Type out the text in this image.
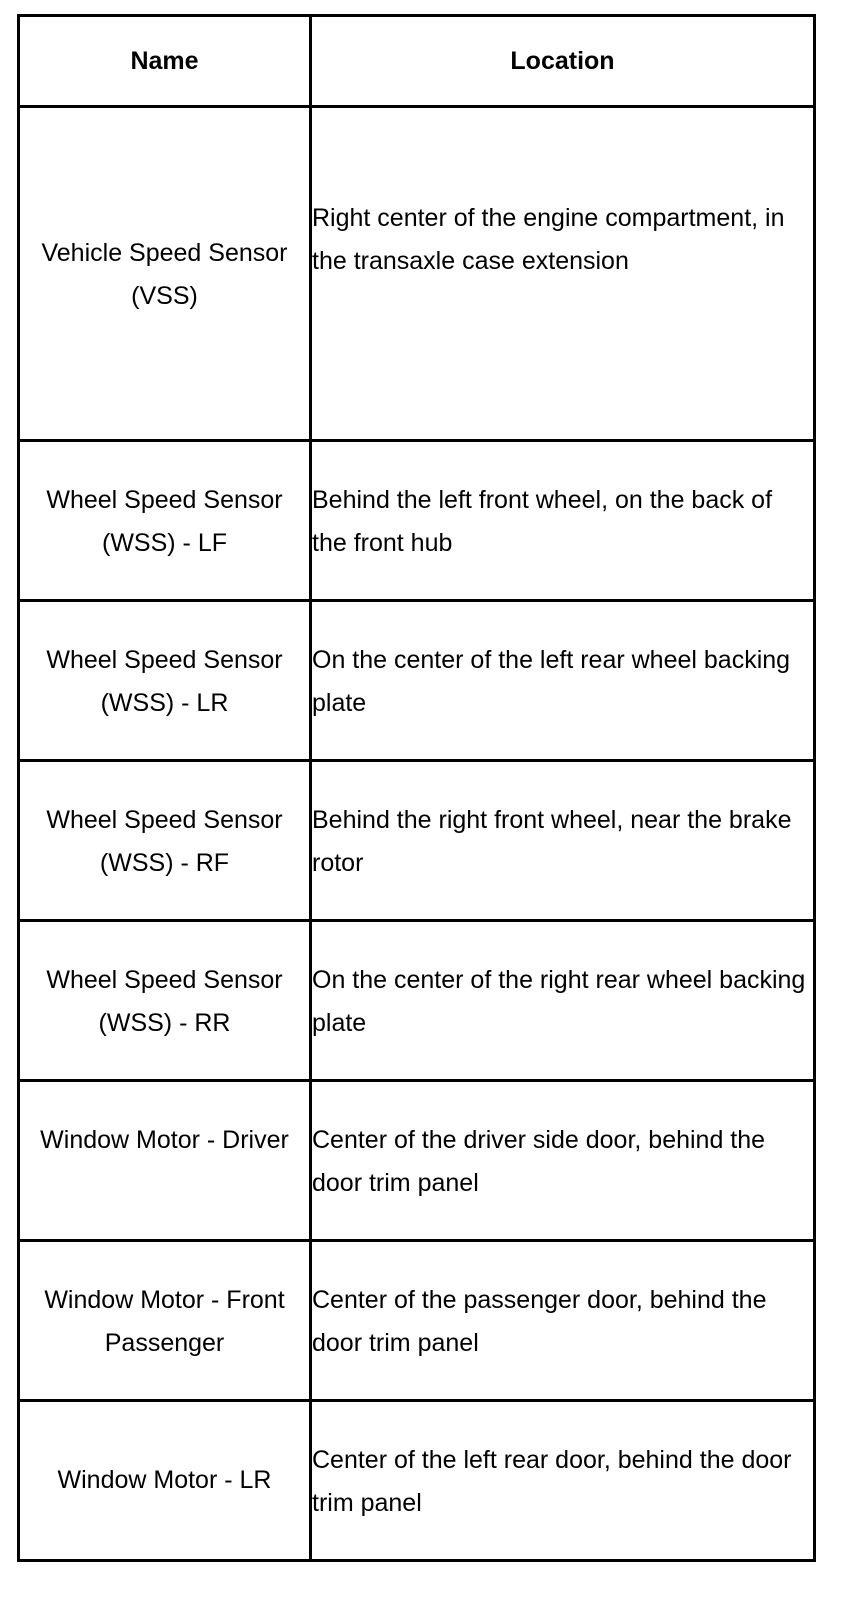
Name	Location

Vehicle Speed Sensor (VSS)	Right center of the engine compartment, in the transaxle case extension

Wheel Speed Sensor (WSS) - LF	Behind the left front wheel, on the back of the front hub

Wheel Speed Sensor (WSS) - LR	On the center of the left rear wheel backing plate

Wheel Speed Sensor (WSS) - RF	Behind the right front wheel, near the brake rotor

Wheel Speed Sensor (WSS) - RR	On the center of the right rear wheel backing plate

Window Motor - Driver	Center of the driver side door, behind the door trim panel

Window Motor - Front Passenger	Center of the passenger door, behind the door trim panel

Window Motor - LR	Center of the left rear door, behind the door trim panel
